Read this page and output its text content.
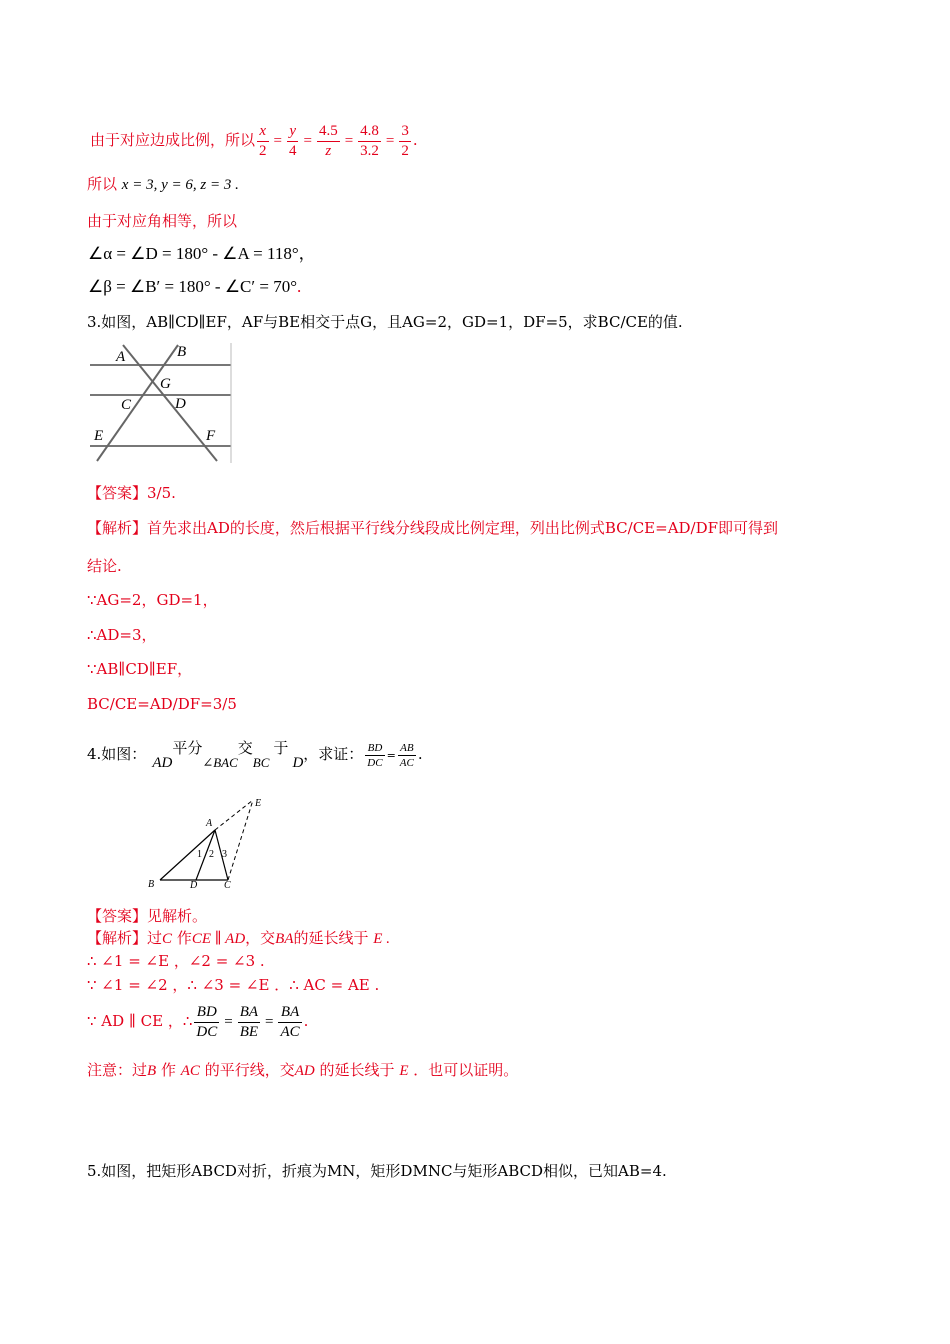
由于对应边成比例，所以 $\frac{x}{2} = \frac{y}{4} = \frac{4.5}{z} = \frac{4.8}{3.2} = \frac{3}{2}$ .
所以 x = 3, y = 6, z = 3 .
由于对应角相等，所以
∠α = ∠D = 180° - ∠A = 118°，
∠β = ∠B′ = 180° - ∠C′ = 70°.
3.如图，AB∥CD∥EF，AF与BE相交于点G，且AG=2，GD=1，DF=5，求BC/CE的值.
A	B
G
C	D
E	F
【答案】3/5.
【解析】首先求出AD的长度，然后根据平行线分线段成比例定理，列出比例式BC/CE=AD/DF即可得到
结论.
∵AG=2，GD=1，
∴AD=3，
∵AB∥CD∥EF，
BC/CE=AD/DF=3/5
4.如图： AD平分∠BAC交BC于D，求证： $\frac{BD}{DC} = \frac{AB}{AC}$ .
A
B	D	C
E
1 2 3
【答案】见解析。
【解析】过C 作CE ∥ AD，交BA的延长线于 E .
∴ ∠1 = ∠E ，∠2 = ∠3 .
∵ ∠1 = ∠2 ，∴ ∠3 = ∠E ．∴ AC = AE .
∵ AD ∥ CE ，∴ $\frac{BD}{DC} = \frac{BA}{BE} = \frac{BA}{AC}$ .
注意：过B 作 AC 的平行线，交AD 的延长线于 E ．也可以证明。
5.如图，把矩形ABCD对折，折痕为MN，矩形DMNC与矩形ABCD相似，已知AB=4.
